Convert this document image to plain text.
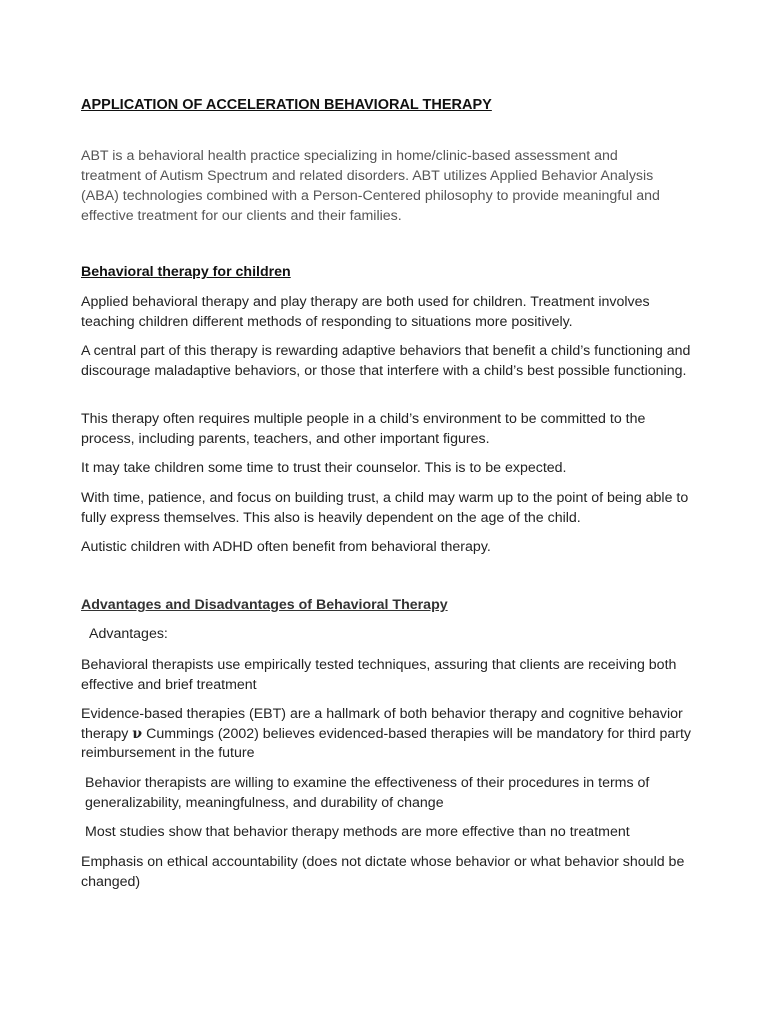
APPLICATION OF ACCELERATION BEHAVIORAL THERAPY

ABT is a behavioral health practice specializing in home/clinic-based assessment and treatment of Autism Spectrum and related disorders. ABT utilizes Applied Behavior Analysis (ABA) technologies combined with a Person-Centered philosophy to provide meaningful and effective treatment for our clients and their families.

Behavioral therapy for children

Applied behavioral therapy and play therapy are both used for children. Treatment involves teaching children different methods of responding to situations more positively.

A central part of this therapy is rewarding adaptive behaviors that benefit a child’s functioning and discourage maladaptive behaviors, or those that interfere with a child’s best possible functioning.

This therapy often requires multiple people in a child’s environment to be committed to the process, including parents, teachers, and other important figures.

It may take children some time to trust their counselor. This is to be expected.

With time, patience, and focus on building trust, a child may warm up to the point of being able to fully express themselves. This also is heavily dependent on the age of the child.

Autistic children with ADHD often benefit from behavioral therapy.

Advantages and Disadvantages of Behavioral Therapy

Advantages:

Behavioral therapists use empirically tested techniques, assuring that clients are receiving both effective and brief treatment

Evidence-based therapies (EBT) are a hallmark of both behavior therapy and cognitive behavior therapy ν Cummings (2002) believes evidenced-based therapies will be mandatory for third party reimbursement in the future

Behavior therapists are willing to examine the effectiveness of their procedures in terms of generalizability, meaningfulness, and durability of change

Most studies show that behavior therapy methods are more effective than no treatment

Emphasis on ethical accountability (does not dictate whose behavior or what behavior should be changed)
